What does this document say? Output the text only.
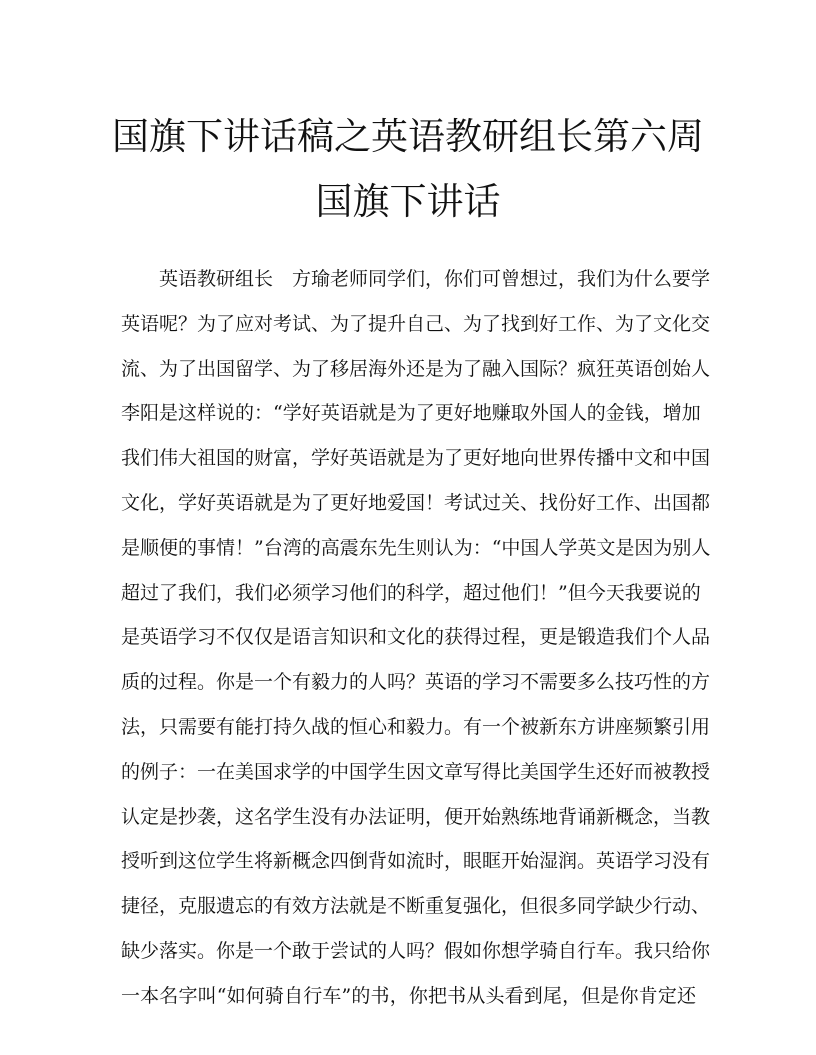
国旗下讲话稿之英语教研组长第六周
国旗下讲话
英语教研组长　方瑜老师同学们，你们可曾想过，我们为什么要学
英语呢？为了应对考试、为了提升自己、为了找到好工作、为了文化交
流、为了出国留学、为了移居海外还是为了融入国际？疯狂英语创始人
李阳是这样说的：“学好英语就是为了更好地赚取外国人的金钱，增加
我们伟大祖国的财富，学好英语就是为了更好地向世界传播中文和中国
文化，学好英语就是为了更好地爱国！考试过关、找份好工作、出国都
是顺便的事情！”台湾的高震东先生则认为：“中国人学英文是因为别人
超过了我们，我们必须学习他们的科学，超过他们！”但今天我要说的
是英语学习不仅仅是语言知识和文化的获得过程，更是锻造我们个人品
质的过程。你是一个有毅力的人吗？英语的学习不需要多么技巧性的方
法，只需要有能打持久战的恒心和毅力。有一个被新东方讲座频繁引用
的例子：一在美国求学的中国学生因文章写得比美国学生还好而被教授
认定是抄袭，这名学生没有办法证明，便开始熟练地背诵新概念，当教
授听到这位学生将新概念四倒背如流时，眼眶开始湿润。英语学习没有
捷径，克服遗忘的有效方法就是不断重复强化，但很多同学缺少行动、
缺少落实。你是一个敢于尝试的人吗？假如你想学骑自行车。我只给你
一本名字叫“如何骑自行车”的书，你把书从头看到尾，但是你肯定还
